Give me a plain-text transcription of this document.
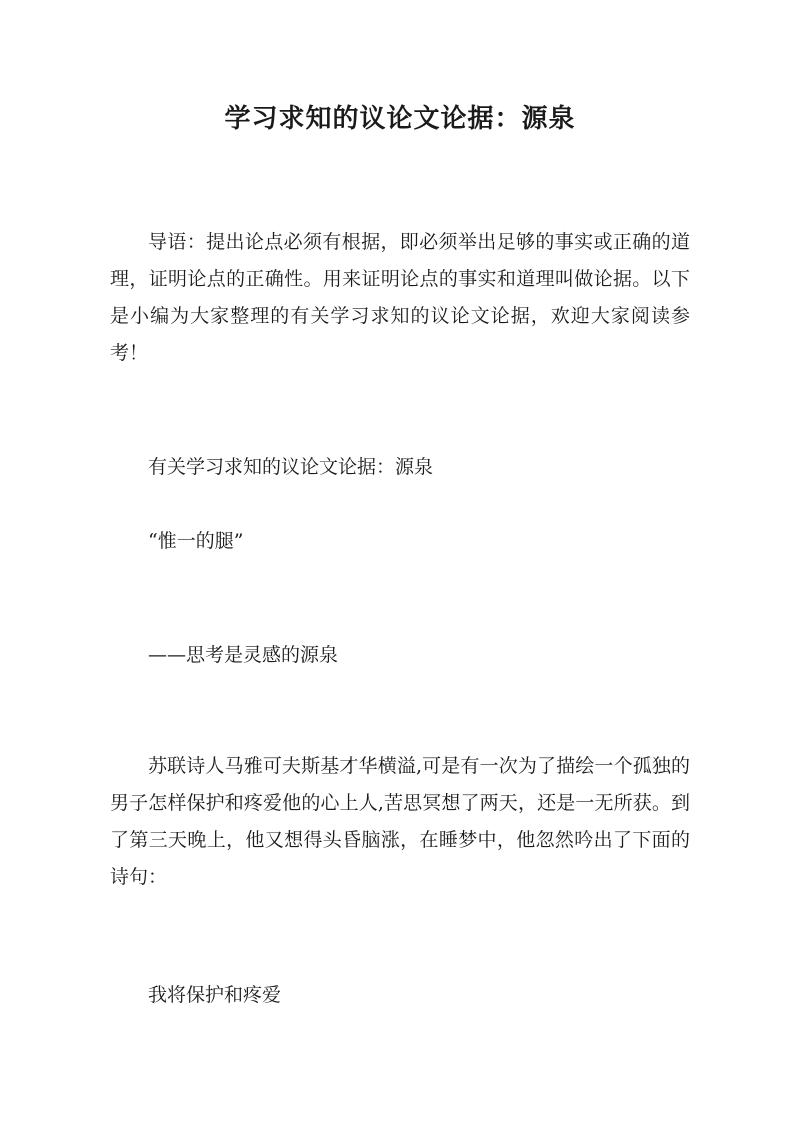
学习求知的议论文论据：源泉

导语：提出论点必须有根据，即必须举出足够的事实或正确的道理，证明论点的正确性。用来证明论点的事实和道理叫做论据。以下是小编为大家整理的有关学习求知的议论文论据，欢迎大家阅读参考！

有关学习求知的议论文论据：源泉

“惟一的腿”

——思考是灵感的源泉

苏联诗人马雅可夫斯基才华横溢,可是有一次为了描绘一个孤独的男子怎样保护和疼爱他的心上人,苦思冥想了两天，还是一无所获。到了第三天晚上，他又想得头昏脑涨，在睡梦中，他忽然吟出了下面的诗句：

我将保护和疼爱
